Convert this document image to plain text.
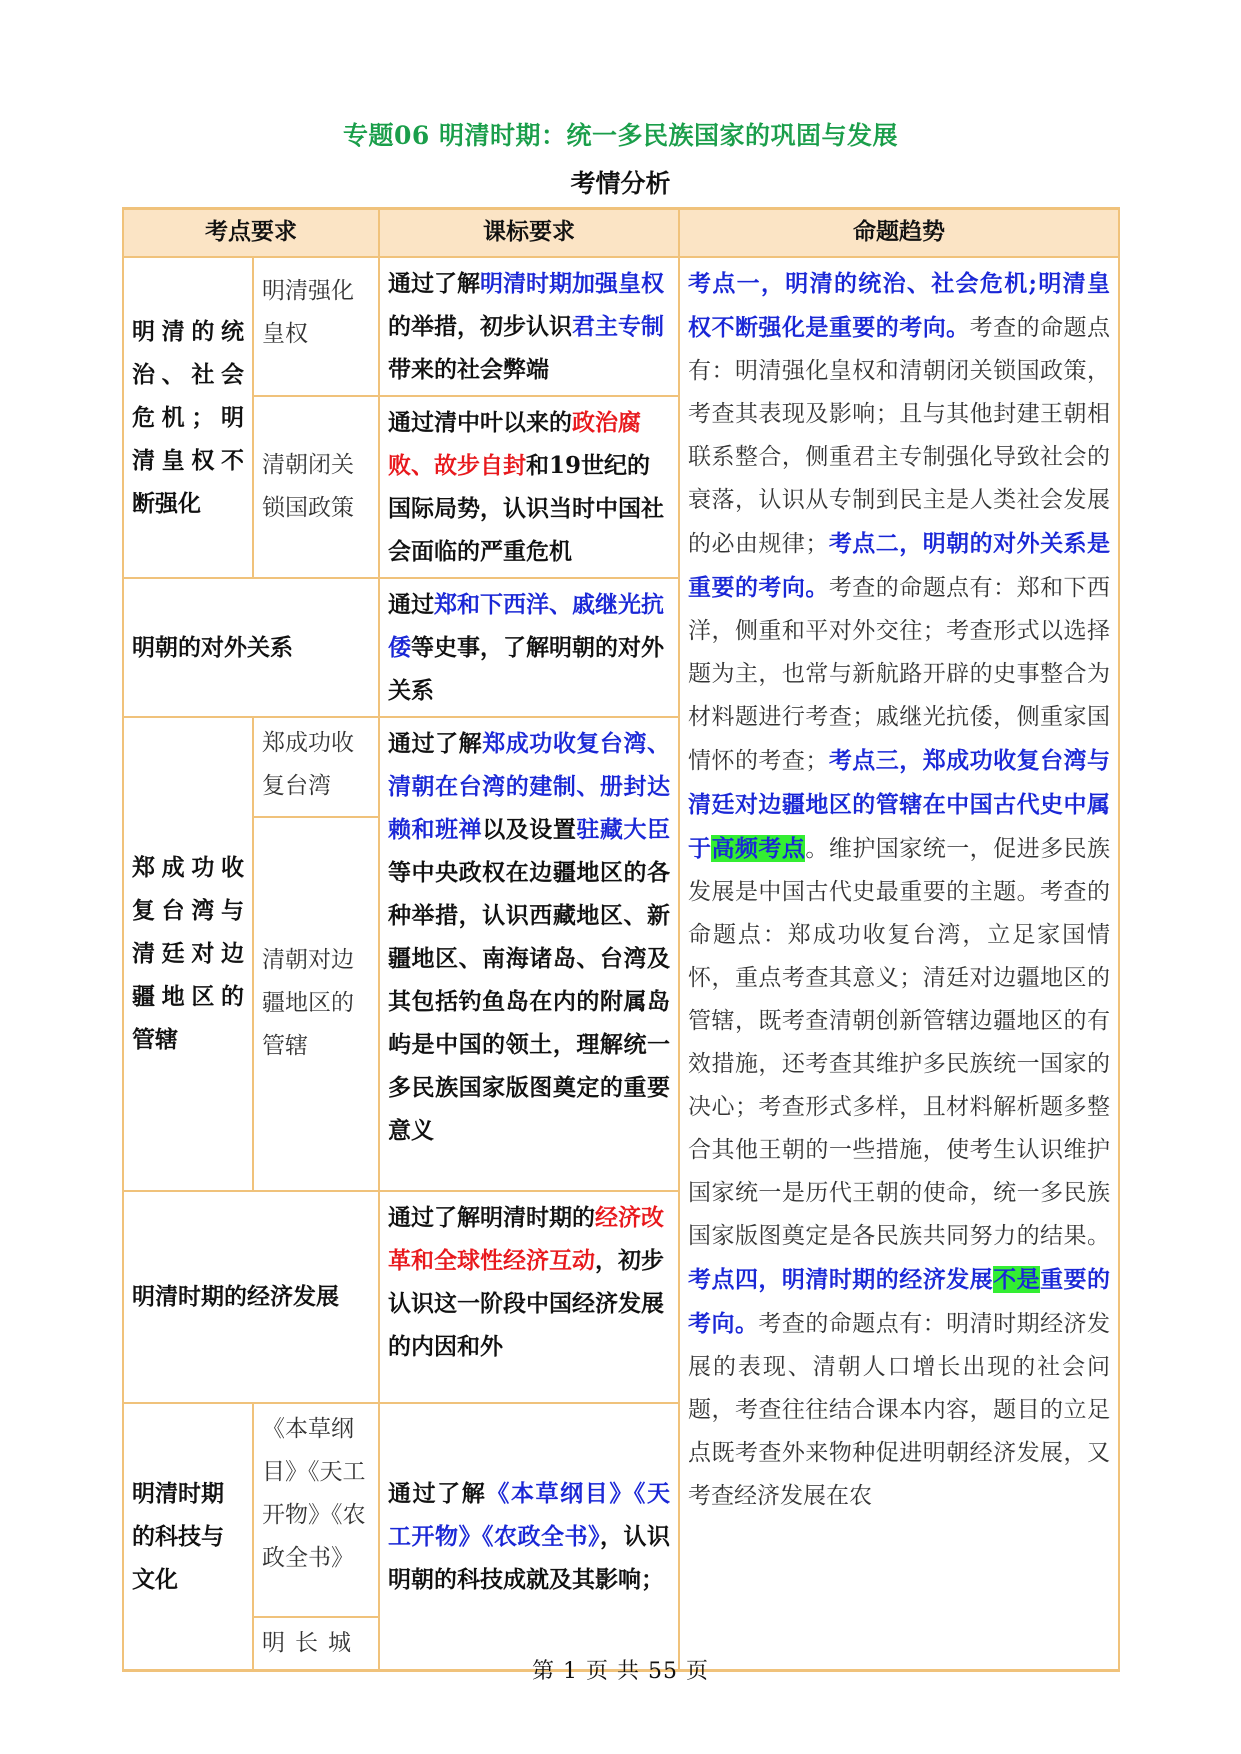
专题06 明清时期：统一多民族国家的巩固与发展
考情分析
考点要求		课标要求	命题趋势
明清的统治、社会危机；明清皇权不断强化	明清强化皇权	通过了解明清时期加强皇权的举措，初步认识君主专制带来的社会弊端	考点一，明清的统治、社会危机;明清皇权不断强化是重要的考向。考查的命题点有：明清强化皇权和清朝闭关锁国政策，考查其表现及影响；且与其他封建王朝相联系整合，侧重君主专制强化导致社会的衰落，认识从专制到民主是人类社会发展的必由规律；考点二，明朝的对外关系是重要的考向。考查的命题点有：郑和下西洋，侧重和平对外交往；考查形式以选择题为主，也常与新航路开辟的史事整合为材料题进行考查；戚继光抗倭，侧重家国情怀的考查；考点三，郑成功收复台湾与清廷对边疆地区的管辖在中国古代史中属于高频考点。维护国家统一，促进多民族发展是中国古代史最重要的主题。考查的命题点：郑成功收复台湾，立足家国情怀，重点考查其意义；清廷对边疆地区的管辖，既考查清朝创新管辖边疆地区的有效措施，还考查其维护多民族统一国家的决心；考查形式多样，且材料解析题多整合其他王朝的一些措施，使考生认识维护国家统一是历代王朝的使命，统一多民族国家版图奠定是各民族共同努力的结果。考点四，明清时期的经济发展不是重要的考向。考查的命题点有：明清时期经济发展的表现、清朝人口增长出现的社会问题，考查往往结合课本内容，题目的立足点既考查外来物种促进明朝经济发展，又考查经济发展在农
	清朝闭关锁国政策	通过清中叶以来的政治腐败、故步自封和19世纪的国际局势，认识当时中国社会面临的严重危机	
明朝的对外关系		通过郑和下西洋、戚继光抗倭等史事，了解明朝的对外关系	
郑成功收复台湾与清廷对边疆地区的管辖	郑成功收复台湾	通过了解郑成功收复台湾、清朝在台湾的建制、册封达赖和班禅以及设置驻藏大臣等中央政权在边疆地区的各种举措，认识西藏地区、新疆地区、南海诸岛、台湾及其包括钓鱼岛在内的附属岛屿是中国的领土，理解统一多民族国家版图奠定的重要意义	
	清朝对边疆地区的管辖		
明清时期的经济发展		通过了解明清时期的经济改革和全球性经济互动，初步认识这一阶段中国经济发展的内因和外	
明清时期的科技与文化	《本草纲目》《天工开物》《农政全书》	通过了解《本草纲目》《天工开物》《农政全书》，认识明朝的科技成就及其影响；	
	明长城		
第 1 页 共 55 页
